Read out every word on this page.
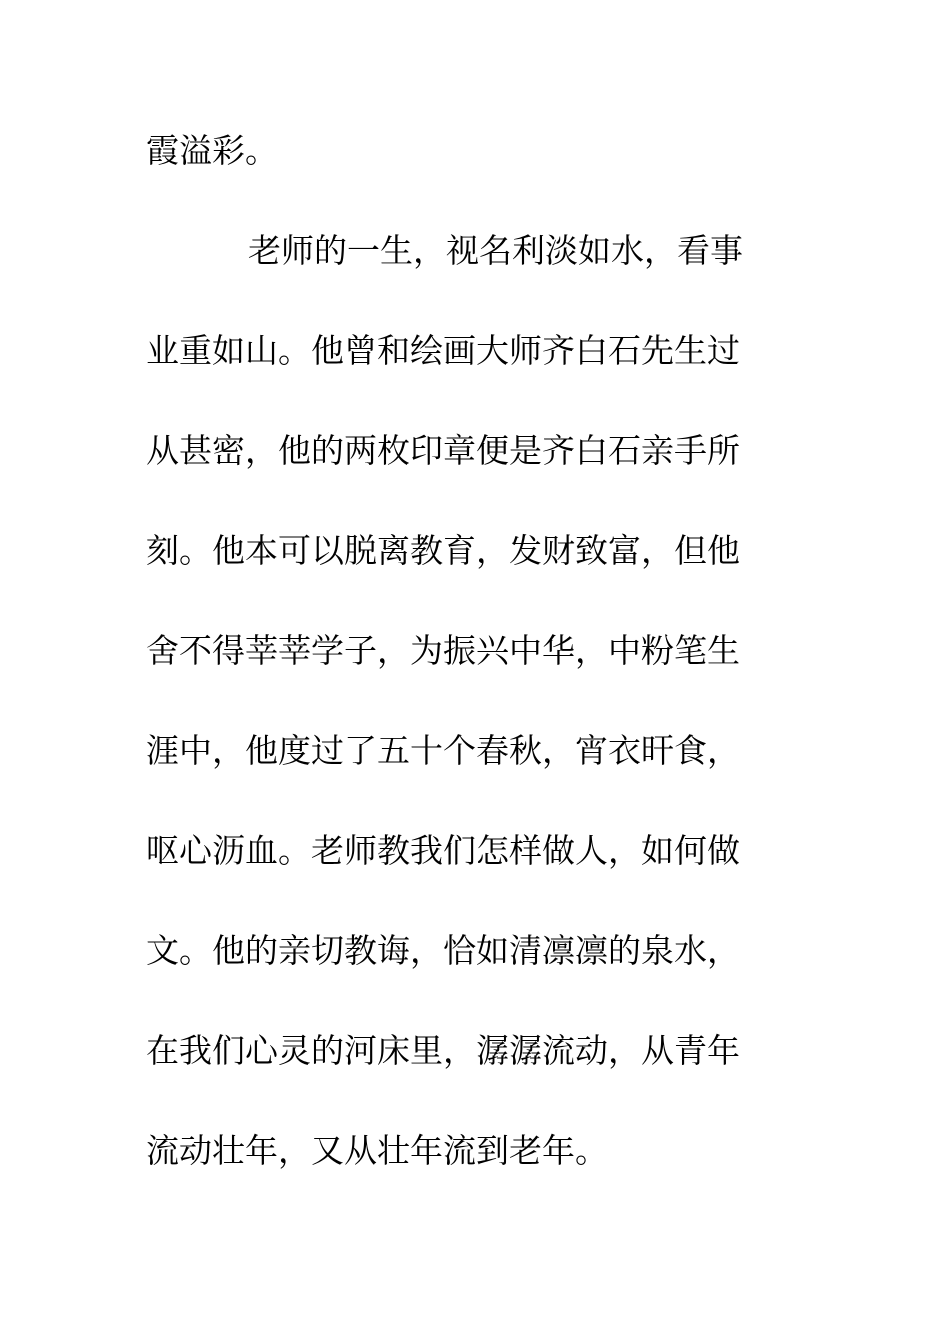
霞溢彩。
老师的一生，视名利淡如水，看事
业重如山。他曾和绘画大师齐白石先生过
从甚密，他的两枚印章便是齐白石亲手所
刻。他本可以脱离教育，发财致富，但他
舍不得莘莘学子，为振兴中华，中粉笔生
涯中，他度过了五十个春秋，宵衣旰食，
呕心沥血。老师教我们怎样做人，如何做
文。他的亲切教诲，恰如清凛凛的泉水，
在我们心灵的河床里，潺潺流动，从青年
流动壮年，又从壮年流到老年。
